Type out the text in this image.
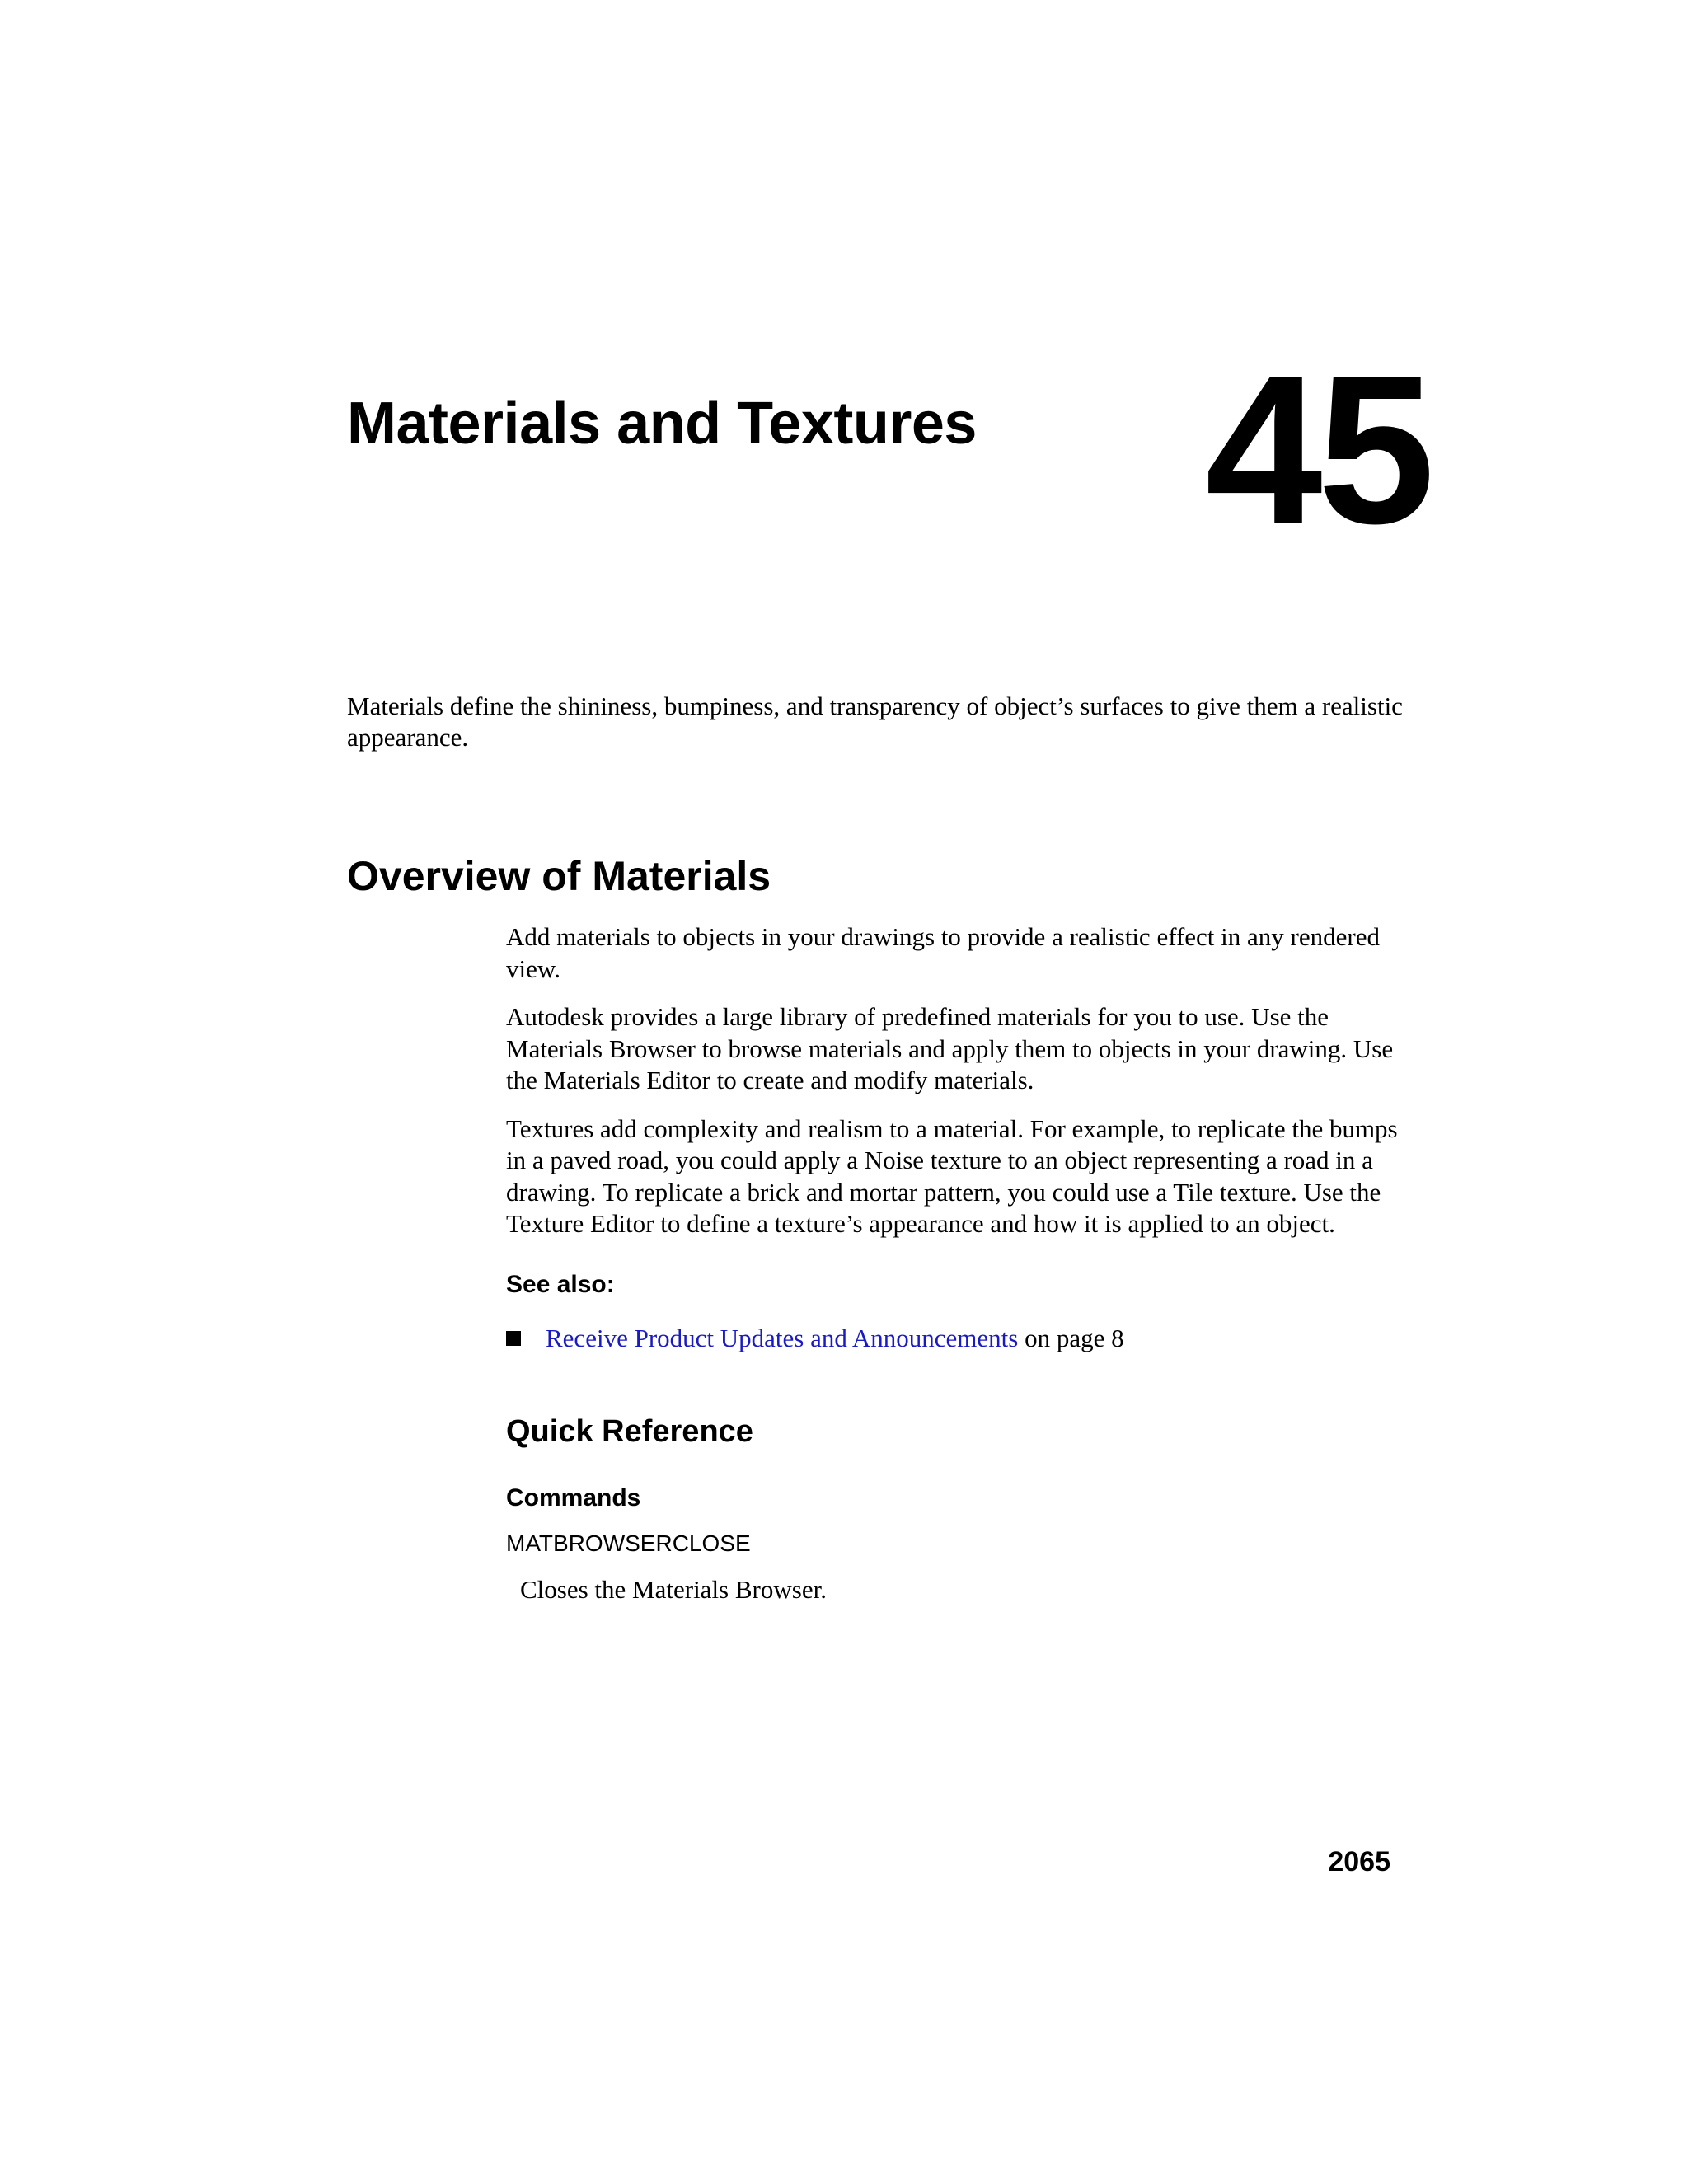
Materials and Textures 45

Materials define the shininess, bumpiness, and transparency of object’s surfaces to give them a realistic appearance.

Overview of Materials

Add materials to objects in your drawings to provide a realistic effect in any rendered view.

Autodesk provides a large library of predefined materials for you to use. Use the Materials Browser to browse materials and apply them to objects in your drawing. Use the Materials Editor to create and modify materials.

Textures add complexity and realism to a material. For example, to replicate the bumps in a paved road, you could apply a Noise texture to an object representing a road in a drawing. To replicate a brick and mortar pattern, you could use a Tile texture. Use the Texture Editor to define a texture’s appearance and how it is applied to an object.

See also:
Receive Product Updates and Announcements on page 8
Quick Reference
Commands
MATBROWSERCLOSE
Closes the Materials Browser.
2065
